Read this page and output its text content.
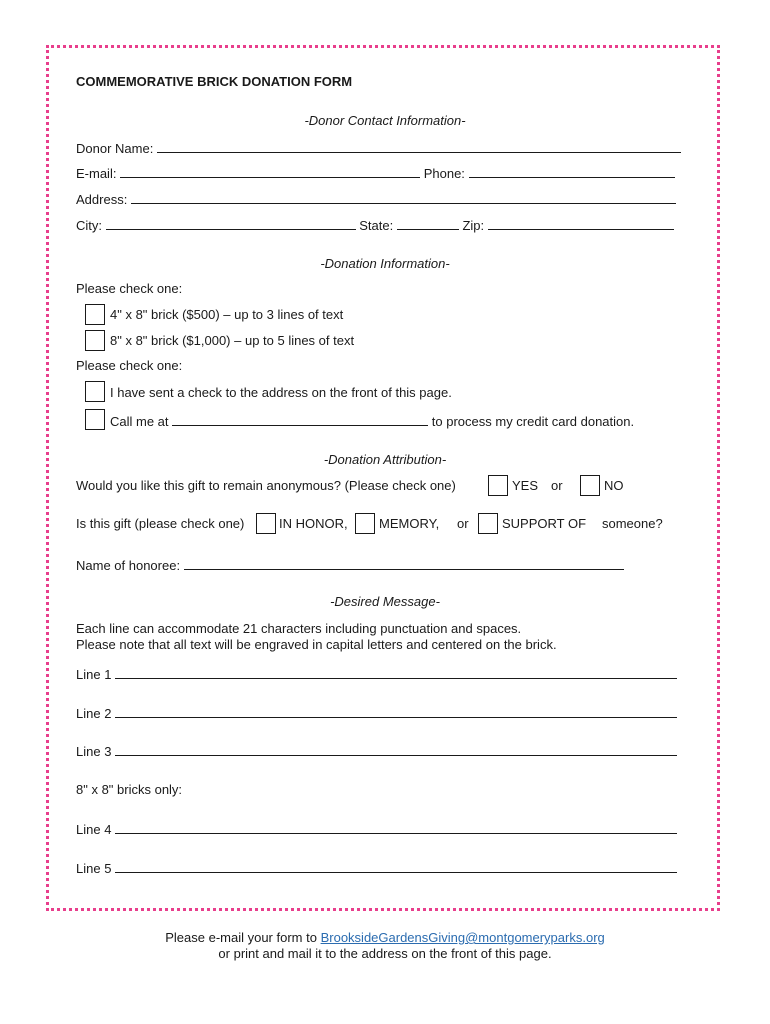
COMMEMORATIVE BRICK DONATION FORM
-Donor Contact Information-
Donor Name:
E-mail:	Phone:
Address:
City:	State:	Zip:
-Donation Information-
Please check one:
4" x 8" brick ($500) – up to 3 lines of text
8" x 8" brick ($1,000) – up to 5 lines of text
Please check one:
I have sent a check to the address on the front of this page.
Call me at	to process my credit card donation.
-Donation Attribution-
Would you like this gift to remain anonymous? (Please check one)	YES or	NO
Is this gift (please check one)	IN HONOR, MEMORY, or	SUPPORT OF someone?
Name of honoree:
-Desired Message-
Each line can accommodate 21 characters including punctuation and spaces.
Please note that all text will be engraved in capital letters and centered on the brick.
Line 1
Line 2
Line 3
8" x 8" bricks only:
Line 4
Line 5
Please e-mail your form to BrooksideGardensGiving@montgomeryparks.org
or print and mail it to the address on the front of this page.
